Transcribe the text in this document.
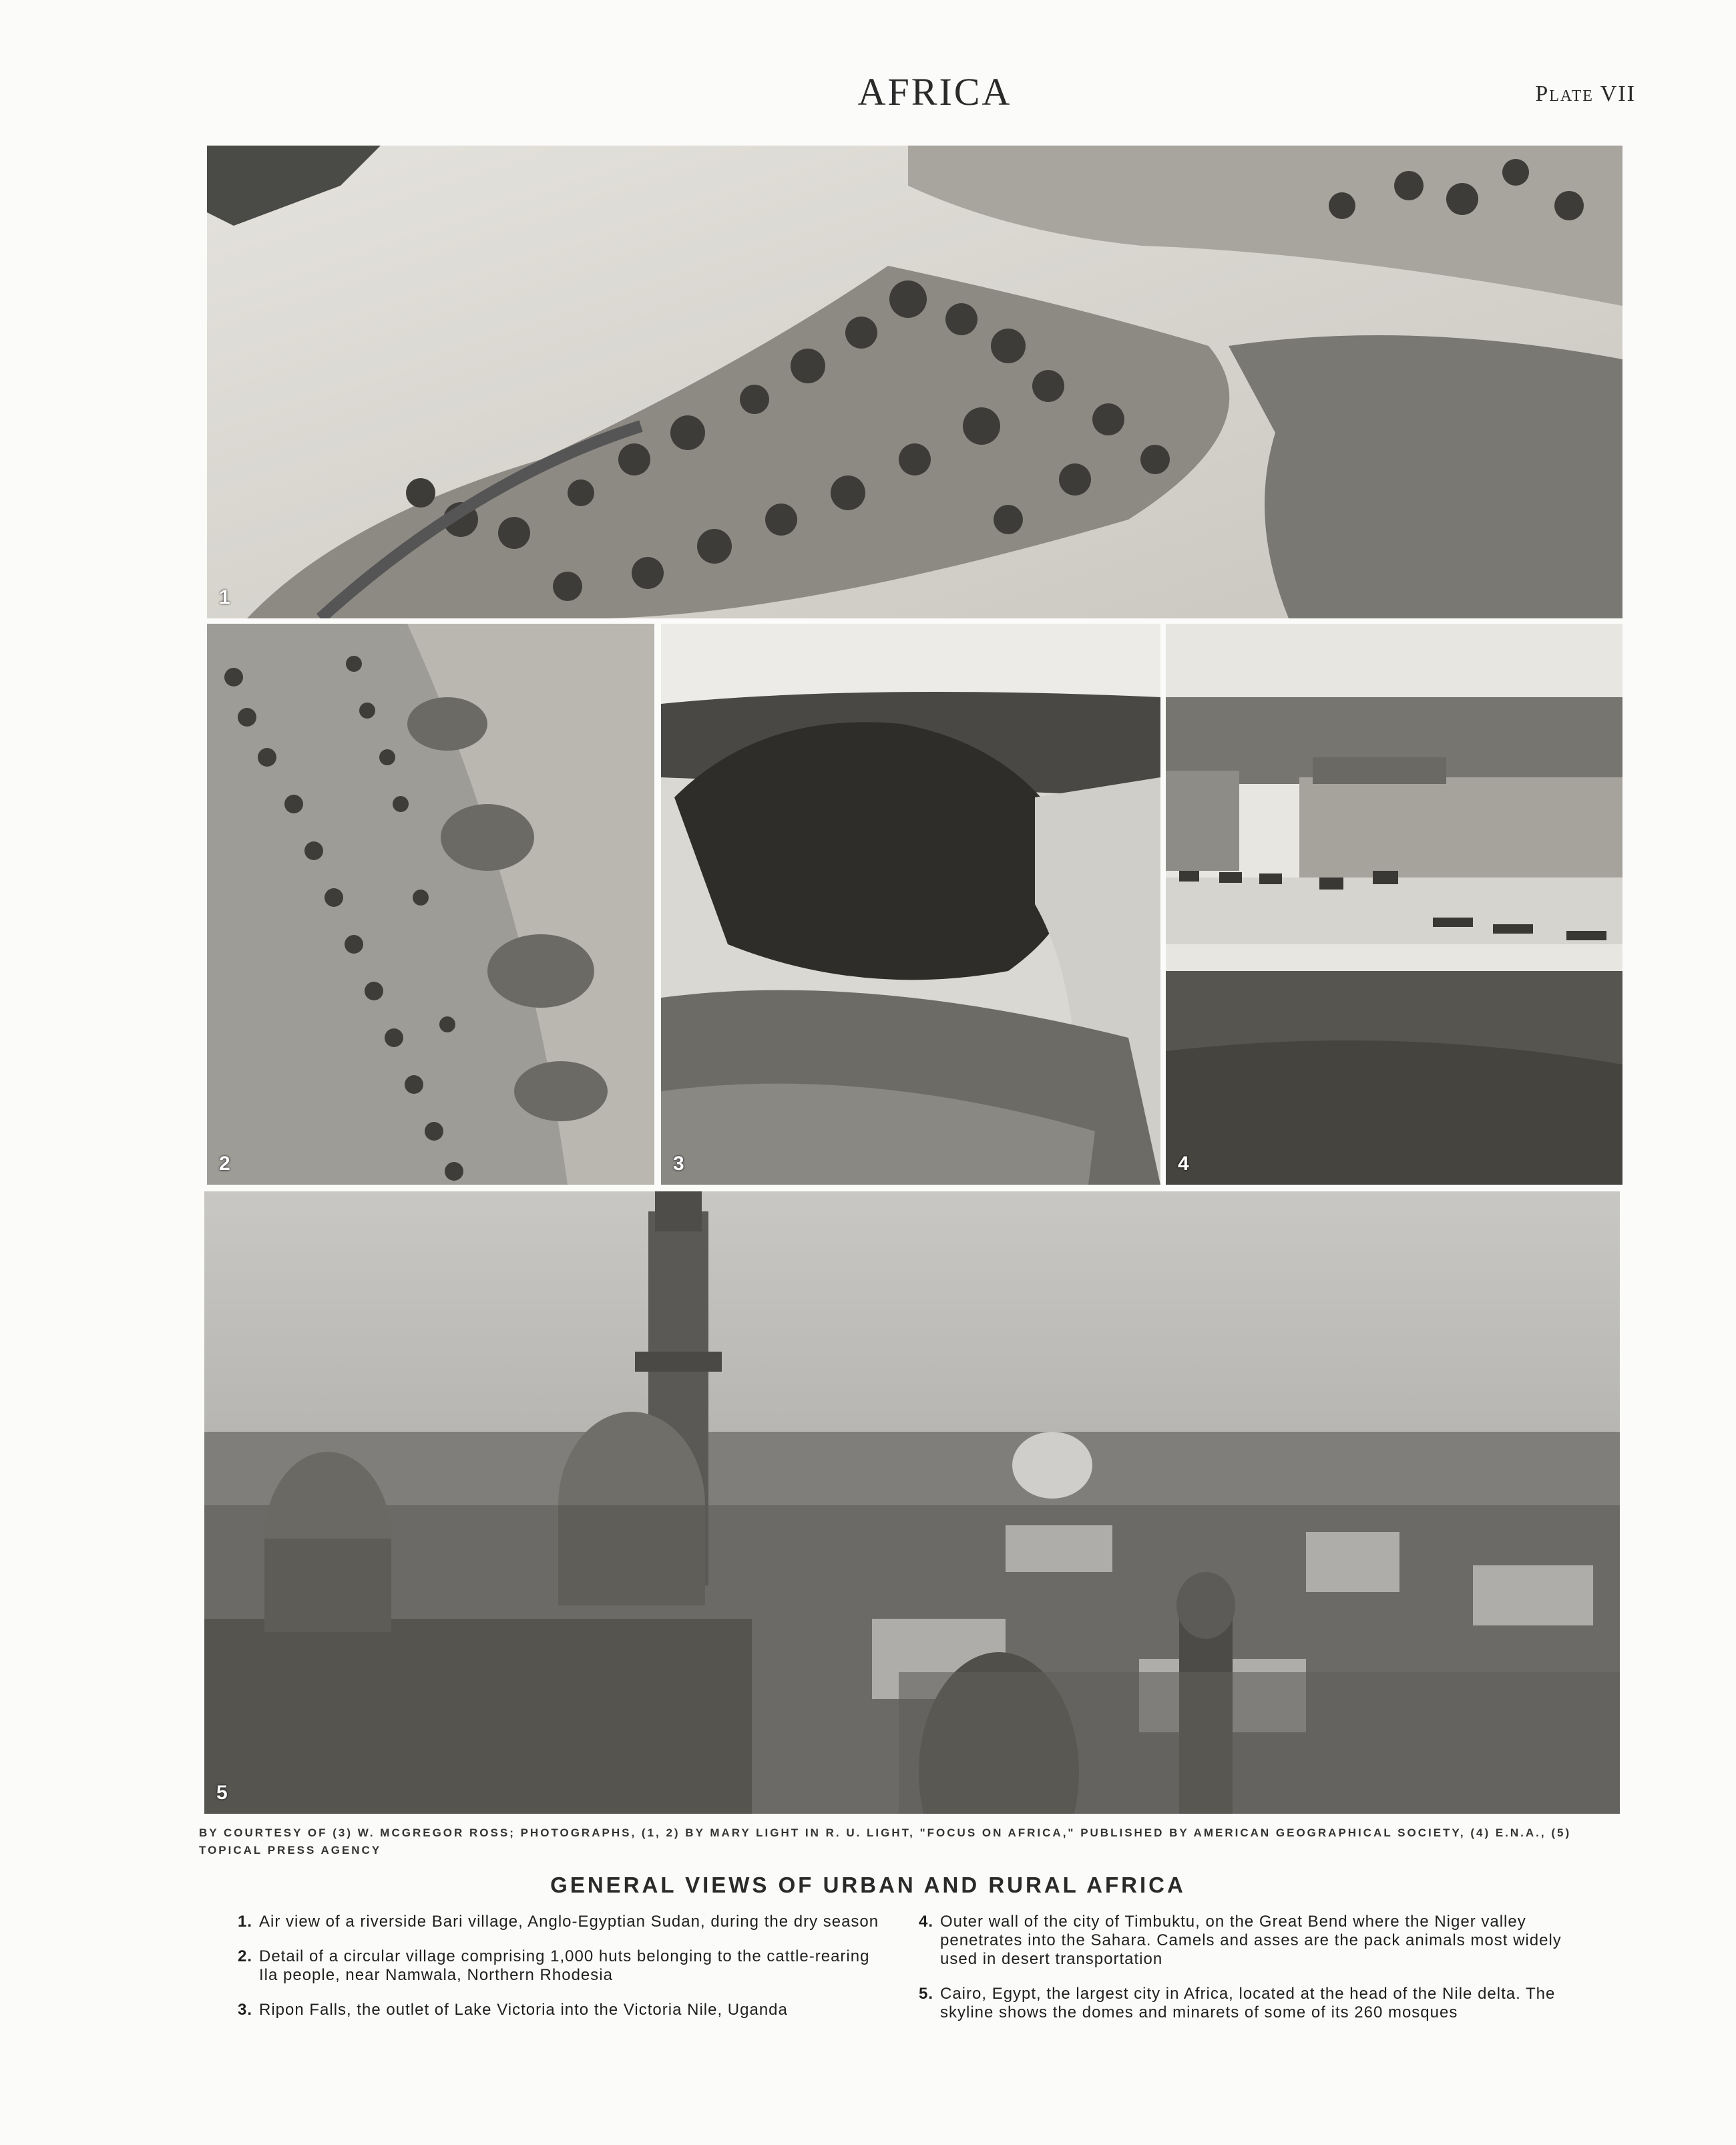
AFRICA	Plate VII
1
2	3	4
5
BY COURTESY OF (3) W. MCGREGOR ROSS; PHOTOGRAPHS, (1, 2) BY MARY LIGHT IN R. U. LIGHT, "FOCUS ON AFRICA," PUBLISHED BY AMERICAN GEOGRAPHICAL SOCIETY, (4) E.N.A., (5) TOPICAL PRESS AGENCY
GENERAL VIEWS OF URBAN AND RURAL AFRICA
1. Air view of a riverside Bari village, Anglo-Egyptian Sudan, during the dry season
2. Detail of a circular village comprising 1,000 huts belonging to the cattle-rearing Ila people, near Namwala, Northern Rhodesia
3. Ripon Falls, the outlet of Lake Victoria into the Victoria Nile, Uganda
4. Outer wall of the city of Timbuktu, on the Great Bend where the Niger valley penetrates into the Sahara. Camels and asses are the pack animals most widely used in desert transportation
5. Cairo, Egypt, the largest city in Africa, located at the head of the Nile delta. The skyline shows the domes and minarets of some of its 260 mosques
